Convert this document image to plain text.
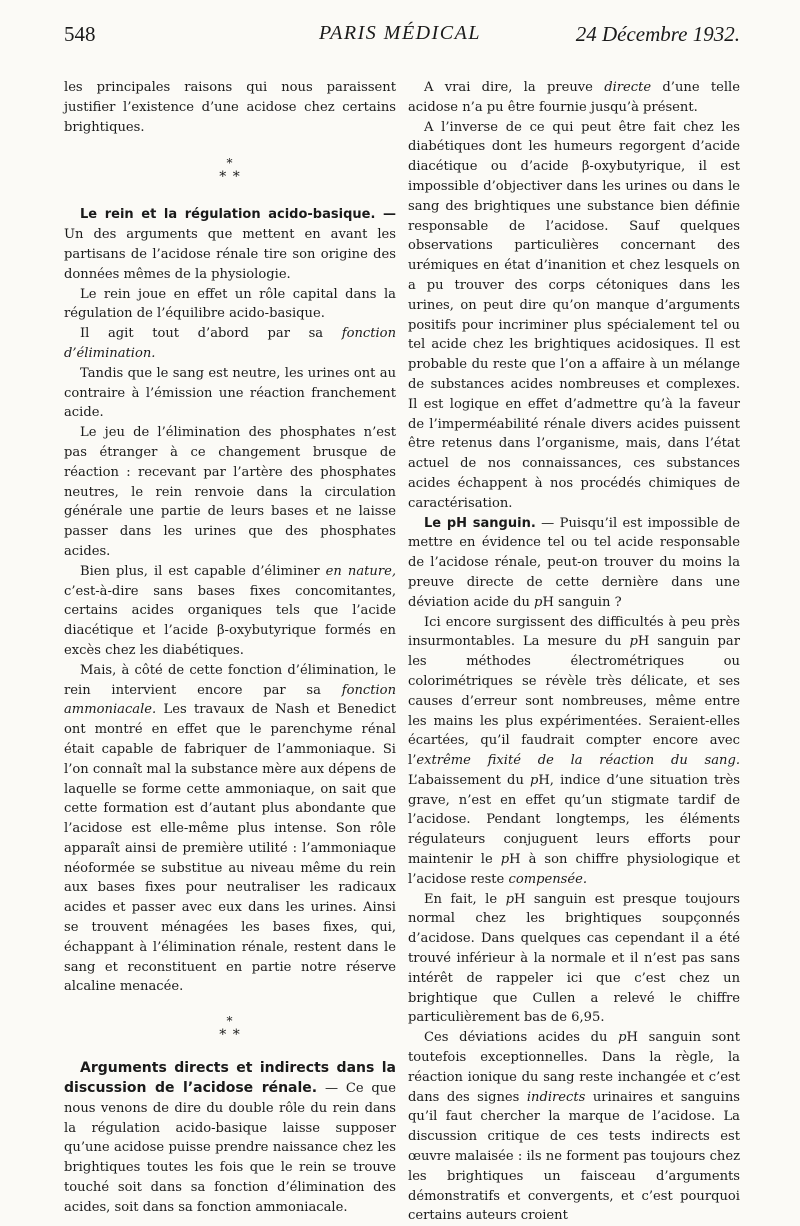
548	PARIS MÉDICAL	24 Décembre 1932.

les principales raisons qui nous paraissent justifier l’existence d’une acidose chez certains brightiques.

*
* *

Le rein et la régulation acido-basique. — Un des arguments que mettent en avant les partisans de l’acidose rénale tire son origine des données mêmes de la physiologie.

Le rein joue en effet un rôle capital dans la régulation de l’équilibre acido-basique.

Il agit tout d’abord par sa fonction d’élimination.

Tandis que le sang est neutre, les urines ont au contraire à l’émission une réaction franchement acide.

Le jeu de l’élimination des phosphates n’est pas étranger à ce changement brusque de réaction : recevant par l’artère des phosphates neutres, le rein renvoie dans la circulation générale une partie de leurs bases et ne laisse passer dans les urines que des phosphates acides.

Bien plus, il est capable d’éliminer en nature, c’est-à-dire sans bases fixes concomitantes, certains acides organiques tels que l’acide diacétique et l’acide β-oxybutyrique formés en excès chez les diabétiques.

Mais, à côté de cette fonction d’élimination, le rein intervient encore par sa fonction ammoniacale. Les travaux de Nash et Benedict ont montré en effet que le parenchyme rénal était capable de fabriquer de l’ammoniaque. Si l’on connaît mal la substance mère aux dépens de laquelle se forme cette ammoniaque, on sait que cette formation est d’autant plus abondante que l’acidose est elle-même plus intense. Son rôle apparaît ainsi de première utilité : l’ammoniaque néoformée se substitue au niveau même du rein aux bases fixes pour neutraliser les radicaux acides et passer avec eux dans les urines. Ainsi se trouvent ménagées les bases fixes, qui, échappant à l’élimination rénale, restent dans le sang et reconstituent en partie notre réserve alcaline menacée.

*
* *

Arguments directs et indirects dans la discussion de l’acidose rénale. — Ce que nous venons de dire du double rôle du rein dans la régulation acido-basique laisse supposer qu’une acidose puisse prendre naissance chez les brightiques toutes les fois que le rein se trouve touché soit dans sa fonction d’élimination des acides, soit dans sa fonction ammoniacale.

A vrai dire, la preuve directe d’une telle acidose n’a pu être fournie jusqu’à présent.

A l’inverse de ce qui peut être fait chez les diabétiques dont les humeurs regorgent d’acide diacétique ou d’acide β-oxybutyrique, il est impossible d’objectiver dans les urines ou dans le sang des brightiques une substance bien définie responsable de l’acidose. Sauf quelques observations particulières concernant des urémiques en état d’inanition et chez lesquels on a pu trouver des corps cétoniques dans les urines, on peut dire qu’on manque d’arguments positifs pour incriminer plus spécialement tel ou tel acide chez les brightiques acidosiques. Il est probable du reste que l’on a affaire à un mélange de substances acides nombreuses et complexes. Il est logique en effet d’admettre qu’à la faveur de l’imperméabilité rénale divers acides puissent être retenus dans l’organisme, mais, dans l’état actuel de nos connaissances, ces substances acides échappent à nos procédés chimiques de caractérisation.

Le pH sanguin. — Puisqu’il est impossible de mettre en évidence tel ou tel acide responsable de l’acidose rénale, peut-on trouver du moins la preuve directe de cette dernière dans une déviation acide du pH sanguin ?

Ici encore surgissent des difficultés à peu près insurmontables. La mesure du pH sanguin par les méthodes électrométriques ou colorimétriques se révèle très délicate, et ses causes d’erreur sont nombreuses, même entre les mains les plus expérimentées. Seraient-elles écartées, qu’il faudrait compter encore avec l’extrême fixité de la réaction du sang. L’abaissement du pH, indice d’une situation très grave, n’est en effet qu’un stigmate tardif de l’acidose. Pendant longtemps, les éléments régulateurs conjuguent leurs efforts pour maintenir le pH à son chiffre physiologique et l’acidose reste compensée.

En fait, le pH sanguin est presque toujours normal chez les brightiques soupçonnés d’acidose. Dans quelques cas cependant il a été trouvé inférieur à la normale et il n’est pas sans intérêt de rappeler ici que c’est chez un brightique que Cullen a relevé le chiffre particulièrement bas de 6,95.

Ces déviations acides du pH sanguin sont toutefois exceptionnelles. Dans la règle, la réaction ionique du sang reste inchangée et c’est dans des signes indirects urinaires et sanguins qu’il faut chercher la marque de l’acidose. La discussion critique de ces tests indirects est œuvre malaisée : ils ne forment pas toujours chez les brightiques un faisceau d’arguments démonstratifs et convergents, et c’est pourquoi certains auteurs croient
